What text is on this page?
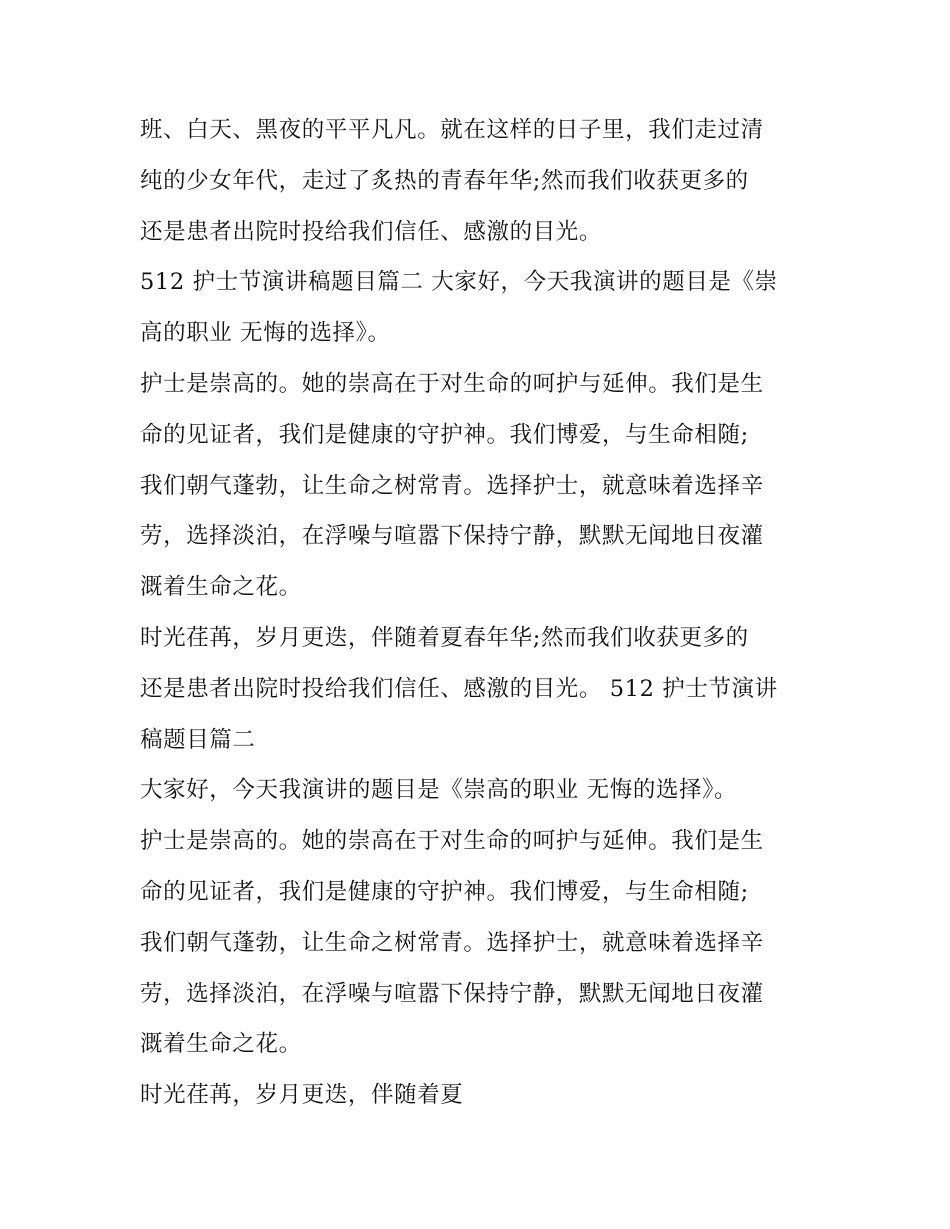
班、白天、黑夜的平平凡凡。就在这样的日子里，我们走过清
纯的少女年代，走过了炙热的青春年华;然而我们收获更多的
还是患者出院时投给我们信任、感激的目光。
512 护士节演讲稿题目篇二 大家好，今天我演讲的题目是《崇
高的职业 无悔的选择》。
护士是崇高的。她的崇高在于对生命的呵护与延伸。我们是生
命的见证者，我们是健康的守护神。我们博爱，与生命相随;
我们朝气蓬勃，让生命之树常青。选择护士，就意味着选择辛
劳，选择淡泊，在浮噪与喧嚣下保持宁静，默默无闻地日夜灌
溉着生命之花。
时光荏苒，岁月更迭，伴随着夏春年华;然而我们收获更多的
还是患者出院时投给我们信任、感激的目光。 512 护士节演讲
稿题目篇二
大家好，今天我演讲的题目是《崇高的职业 无悔的选择》。
护士是崇高的。她的崇高在于对生命的呵护与延伸。我们是生
命的见证者，我们是健康的守护神。我们博爱，与生命相随;
我们朝气蓬勃，让生命之树常青。选择护士，就意味着选择辛
劳，选择淡泊，在浮噪与喧嚣下保持宁静，默默无闻地日夜灌
溉着生命之花。
时光荏苒，岁月更迭，伴随着夏
